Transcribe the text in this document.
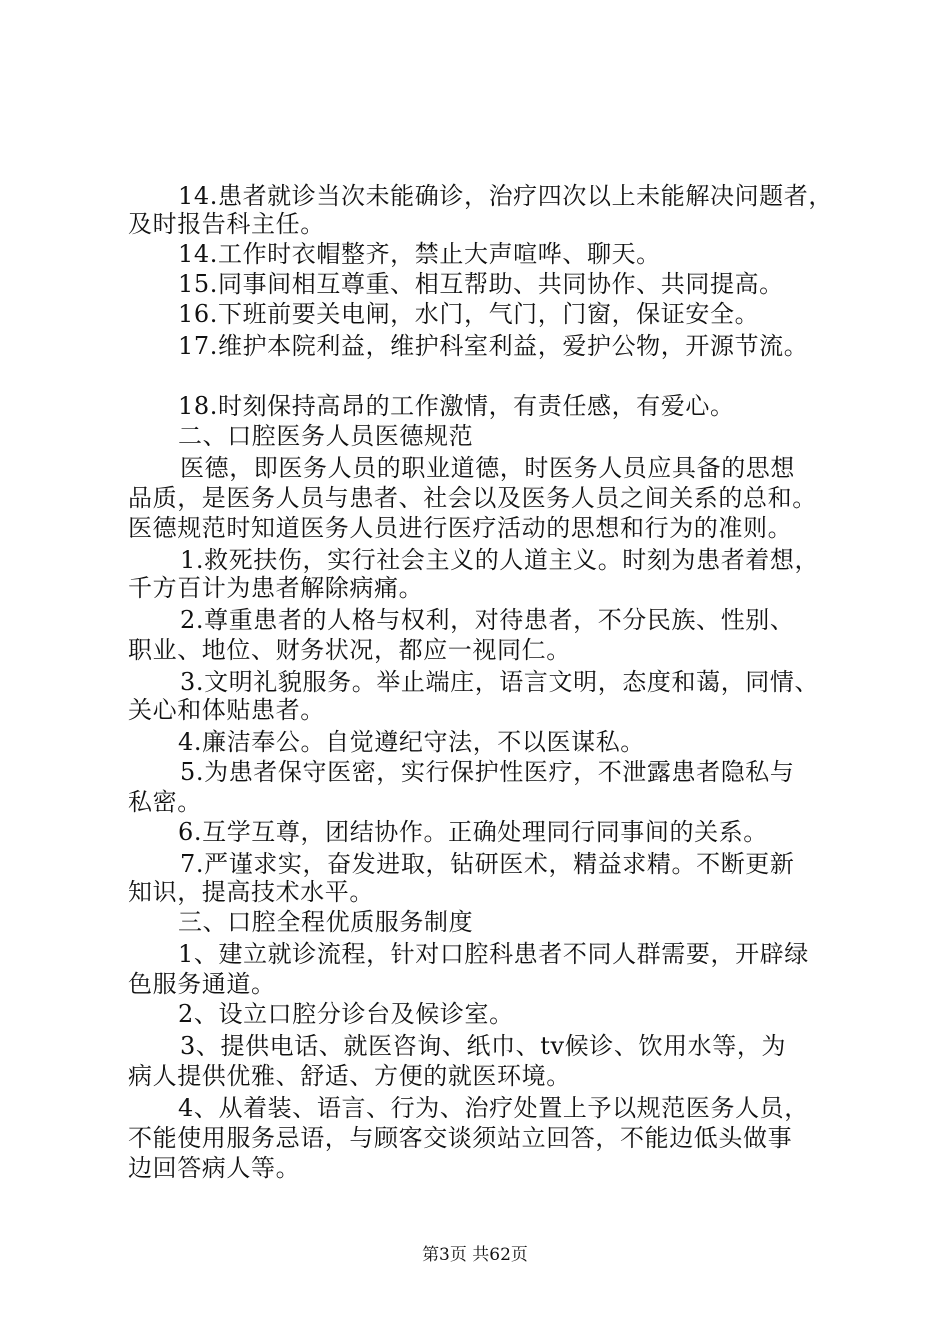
14.患者就诊当次未能确诊，治疗四次以上未能解决问题者，
及时报告科主任。
14.工作时衣帽整齐，禁止大声喧哗、聊天。
15.同事间相互尊重、相互帮助、共同协作、共同提高。
16.下班前要关电闸，水门，气门，门窗，保证安全。
17.维护本院利益，维护科室利益，爱护公物，开源节流。
18.时刻保持高昂的工作激情，有责任感，有爱心。
二、口腔医务人员医德规范
医德，即医务人员的职业道德，时医务人员应具备的思想
品质，是医务人员与患者、社会以及医务人员之间关系的总和。
医德规范时知道医务人员进行医疗活动的思想和行为的准则。
1.救死扶伤，实行社会主义的人道主义。时刻为患者着想，
千方百计为患者解除病痛。
2.尊重患者的人格与权利，对待患者，不分民族、性别、
职业、地位、财务状况，都应一视同仁。
3.文明礼貌服务。举止端庄，语言文明，态度和蔼，同情、
关心和体贴患者。
4.廉洁奉公。自觉遵纪守法，不以医谋私。
5.为患者保守医密，实行保护性医疗，不泄露患者隐私与
私密。
6.互学互尊，团结协作。正确处理同行同事间的关系。
7.严谨求实，奋发进取，钻研医术，精益求精。不断更新
知识，提高技术水平。
三、口腔全程优质服务制度
1、建立就诊流程，针对口腔科患者不同人群需要，开辟绿
色服务通道。
2、设立口腔分诊台及候诊室。
3、提供电话、就医咨询、纸巾、tv候诊、饮用水等，为
病人提供优雅、舒适、方便的就医环境。
4、从着装、语言、行为、治疗处置上予以规范医务人员，
不能使用服务忌语，与顾客交谈须站立回答，不能边低头做事
边回答病人等。
第3页 共62页
